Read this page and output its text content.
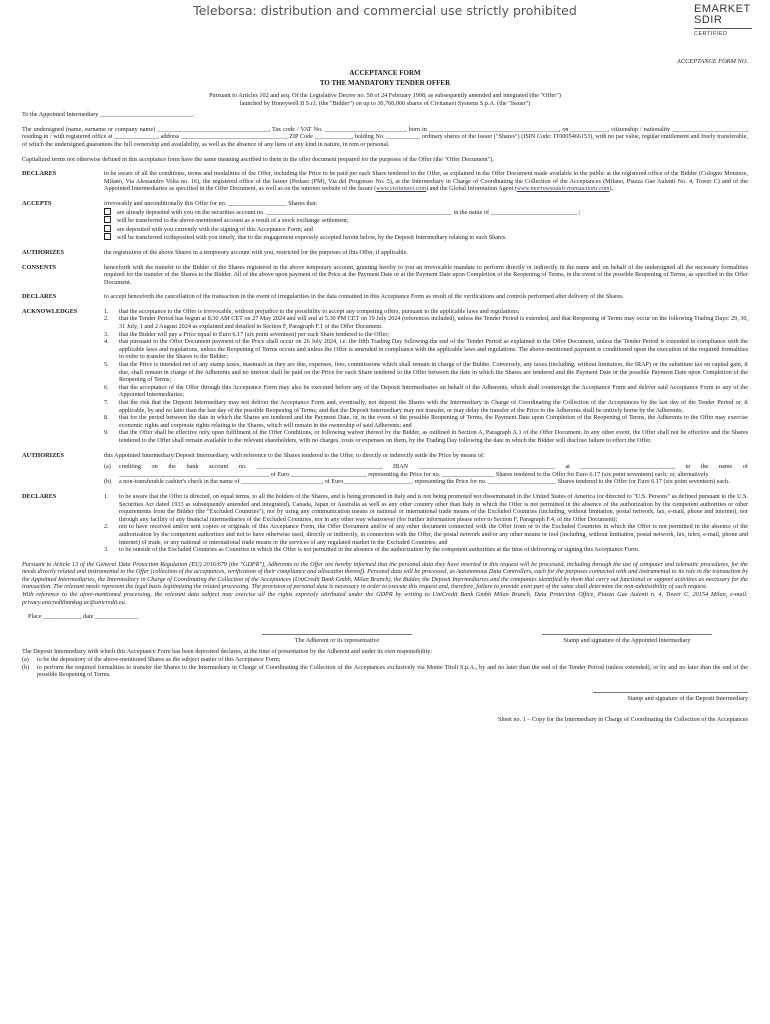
Teleborsa: distribution and commercial use strictly prohibited	EMARKET
SDIR
CERTIFIED
ACCEPTANCE FORM NO.
ACCEPTANCE FORM
TO THE MANDATORY TENDER OFFER

Pursuant to Articles 102 and seq. Of the Legislative Decree no. 58 of 24 February 1998, as subsequently amended and integrated (the "Offer")

launched by Honeywell II S.r.l. (the "Bidder") on up to 30,760,000 shares of Civitanavi Systems S.p.A. (the "Issuer")

To the Appointed Intermediary ______________________________.

The undersigned (name, surname or company name) ____________________________________, Tax code / VAT No. __________________________, born in __________________________________________, on ____________, citizenship / nationality ________________________, residing in / with registered office at ______________, address __________________________________, ZIP Code ____________, holding No. ___________ ordinary shares of the Issuer ("Shares") (ISIN Code: IT0005466153), with no par value, regular entitlement and freely transferable, of which the undersigned guarantees the full ownership and availability, as well as the absence of any liens of any kind in nature, in rem or personal.

Capitalized terms not otherwise defined in this acceptance form have the same meaning ascribed to them in the offer document prepared for the purposes of the Offer (the "Offer Document").

DECLARES	to be aware of all the conditions, terms and modalities of the Offer, including the Price to be paid per each Share tendered to the Offer, as explained in the Offer Document made available to the public at the registered office of the Bidder (Cologno Monzese, Milano, Via Alessandro Volta no. 16), the registered office of the Issuer (Pedaso (FM), Via del Progresso No. 5), at the Intermediary in Charge of Coordinating the Collection of the Acceptances (Milano, Piazza Gae Aulenti No. 4, Tower C) and of the Appointed Intermediaries as specified in the Offer Document, as well as on the internet website of the Issuer (www.civitanavi.com) and the Global Information Agent (www.morrowsodali-transactions.com).
ACCEPTS	irrevocably and unconditionally this Offer for no. ___________________ Shares that:
are already deposited with you on the securities account no. ____________________________________________________________ in the name of ____________________________ ;
will be transferred to the above-mentioned account as a result of a stock exchange settlement;
are deposited with you currently with the signing of this Acceptance Form; and
will be transferred to/deposited with you timely, due to the engagement expressly accepted herein below, by the Deposit Intermediary relating to such Shares.
AUTHORIZES	the registration of the above Shares in a temporary account with you, restricted for the purposes of this Offer, if applicable.
CONSENTS	henceforth with the transfer to the Bidder of the Shares registered in the above temporary account, granting hereby to you an irrevocable mandate to perform directly or indirectly in the name and on behalf of the undersigned all the necessary formalities required for the transfer of the Shares to the Bidder. All of the above upon payment of the Price at the Payment Date or at the Payment Date upon Completion of the Reopening of Terms, in the event of the possible Reopening of Terms, as specified in the Offer Document.
DECLARES	to accept henceforth the cancellation of the transaction in the event of irregularities in the data contained in this Acceptance Form as result of the verifications and controls performed after delivery of the Shares.
ACKNOWLEDGES	1.	that the acceptance to the Offer is irrevocable, without prejudice to the possibility to accept any competing offers, pursuant to the applicable laws and regulations;
2.	that the Tender Period has begun at 8.30 AM CET on 27 May 2024 and will end at 5.30 PM CET on 19 July 2024 (references included), unless the Tender Period is extended, and that Reopening of Terms may occur on the following Trading Days: 29, 30, 31 July, 1 and 2 August 2024 as explained and detailed in Section F, Paragraph F.1 of the Offer Document.
3.	that the Bidder will pay a Price equal to Euro 6.17 (six point seventeen) per each Share tendered to the Offer;
4.	that pursuant to the Offer Document payment of the Price shall occur on 26 July 2024, i.e. the fifth Trading Day following the end of the Tender Period as explained in the Offer Document, unless the Tender Period is extended in compliance with the applicable laws and regulations, unless the Reopening of Terms occurs and unless the Offer is amended in compliance with the applicable laws and regulations. The above-mentioned payment is conditioned upon the execution of the required formalities in order to transfer the Shares to the Bidder;
5.	that the Price is intended net of any stamp taxes, inasmuch as they are due, expenses, fees, commissions which shall remain in charge of the Bidder. Conversely, any taxes (including, without limitation, the IRAP) or the substitute tax on capital gain, if due, shall remain in charge of the Adherents and no interest shall be paid on the Price for each Share tendered to the Offer between the date in which the Shares are tendered and the Payment Date or the possible Payment Date upon Completion of the Reopening of Terms;
6.	that the acceptance of the Offer through this Acceptance Form may also be executed before any of the Deposit Intermediaries on behalf of the Adherents, which shall countersign the Acceptance Form and deliver said Acceptance Form to any of the Appointed Intermediaries;
7.	that the risk that the Deposit Intermediary may not deliver the Acceptance Form and, eventually, not deposit the Shares with the Intermediary in Charge of Coordinating the Collection of the Acceptances by the last day of the Tender Period or, if applicable, by and no later than the last day of the possible Reopening of Terms, and that the Deposit Intermediary may not transfer, or may delay the transfer of the Price to the Adherents shall be entirely borne by the Adherents;
8.	that for the period between the date in which the Shares are tendered and the Payment Date, or, in the event of the possible Reopening of Terms, the Payment Date upon Completion of the Reopening of Terms, the Adherents to the Offer may exercise economic rights and corporate rights relating to the Shares, which will remain in the ownership of said Adherents; and
9.	that the Offer shall be effective only upon fulfilment of the Offer Conditions, or following waiver thereof by the Bidder, as outlined in Section A, Paragraph A.1 of the Offer Document. In any other event, the Offer shall not be effective and the Shares tendered to the Offer shall remain available to the relevant shareholders, with no charges, costs or expenses on them, by the Trading Day following the date in which the Bidder will disclose failure to effect the Offer.
AUTHORIZES	this Appointed Intermediary/Deposit Intermediary, with reference to the Shares tendered to the Offer, to directly or indirectly settle the Price by means of:
(a)	crediting on the bank account no. ________________________________________, IBAN ____________________________________________ at ______________________________, in the name of ________________________________________________, of Euro ________________________, representing the Price for no. _________________ Shares tendered to the Offer for Euro 6.17 (six point seventeen) each; or, alternatively
(b)	a non-transferable cashier's check in the name of __________________________, of Euro______________________, representing the Price for no. ______________________ Shares tendered to the Offer for Euro 6.17 (six point seventeen) each.
DECLARES	1.	to be aware that the Offer is directed, on equal terms, to all the holders of the Shares, and is being promoted in Italy and is not being promoted nor disseminated in the United States of America (or directed to "U.S. Persons" as defined pursuant to the U.S. Securities Act dated 1933 as subsequently amended and integrated), Canada, Japan or Australia as well as any other country other than Italy in which the Offer is not permitted in the absence of the authorization by the competent authorities or other requirements from the Bidder (the "Excluded Countries"), nor by using any communication means or national or international trade means of the Excluded Countries (including, without limitation, postal network, fax, e-mail, phone and internet), nor through any facility of any financial intermediaries of the Excluded Countries, nor in any other way whatsoever (for further information please refer to Section F, Paragraph F.4, of the Offer Document);
2.	not to have received and/or sent copies or originals of this Acceptance Form, the Offer Document and/or of any other document connected with the Offer from or to the Excluded Countries in which the Offer is not permitted in the absence of the authorization by the competent authorities and not to have otherwise used, directly or indirectly, in connection with the Offer, the postal network and/or any other means or tool (including, without limitation, postal network, fax, telex, e-mail, phone and internet) of trade, or any national or international trade means or the services of any regulated market in the Excluded Countries; and
3.	to be outside of the Excluded Countries as Countries in which the Offer is not permitted in the absence of the authorization by the competent authorities at the time of delivering or signing this Acceptance Form.

Pursuant to Article 13 of the General Data Protection Regulation (EU) 2016/679 (the "GDPR"), Adherents to the Offer are hereby informed that the personal data they have inserted in this request will be processed, including through the use of computer and telematic procedures, for the needs directly related and instrumental to the Offer (collection of the acceptances, verification of their compliance and allocation thereof). Personal data will be processed, as Autonomous Data Controllers, each for the purposes connected with and instrumental to its role in the transaction by the Appointed Intermediaries, the Intermediary in Charge of Coordinating the Collection of the Acceptances (UniCredit Bank Gmbh, Milan Branch), the Bidder, the Deposit Intermediaries and the companies identified by them that carry out functional or support activities as necessary for the transaction. The relevant needs represent the legal basis legitimizing the related processing. The provision of personal data is necessary in order to execute this request and, therefore, failure to provide even part of the same shall determine the non-admissibility of such request.

With reference to the afore-mentioned processing, the relevant data subject may exercise all the rights expressly attributed under the GDPR by writing to UniCredit Bank Gmbh Milan Branch, Data Protection Office, Piazza Gae Aulenti n. 4, Tower C, 20154 Milan, e-mail: privacy.unicreditbankag.uc@unicredit.eu.

Place ____________, date ______________

The Adherent or its representative	Stamp and signature of the Appointed Intermediary

The Deposit Intermediary with which this Acceptance Form has been deposited declares, at the time of presentation by the Adherent and under its own responsibility:

(a)	to be the depository of the above-mentioned Shares as the subject matter of this Acceptance Form;
(b)	to perform the required formalities to transfer the Shares to the Intermediary in Charge of Coordinating the Collection of the Acceptances exclusively via Monte Titoli S.p.A., by and no later than the end of the Tender Period (unless extended), or by and no later than the end of the possible Reopening of Terms.
Stamp and signature of the Deposit Intermediary

Sheet no. 1 – Copy for the Intermediary in Charge of Coordinating the Collection of the Acceptances
